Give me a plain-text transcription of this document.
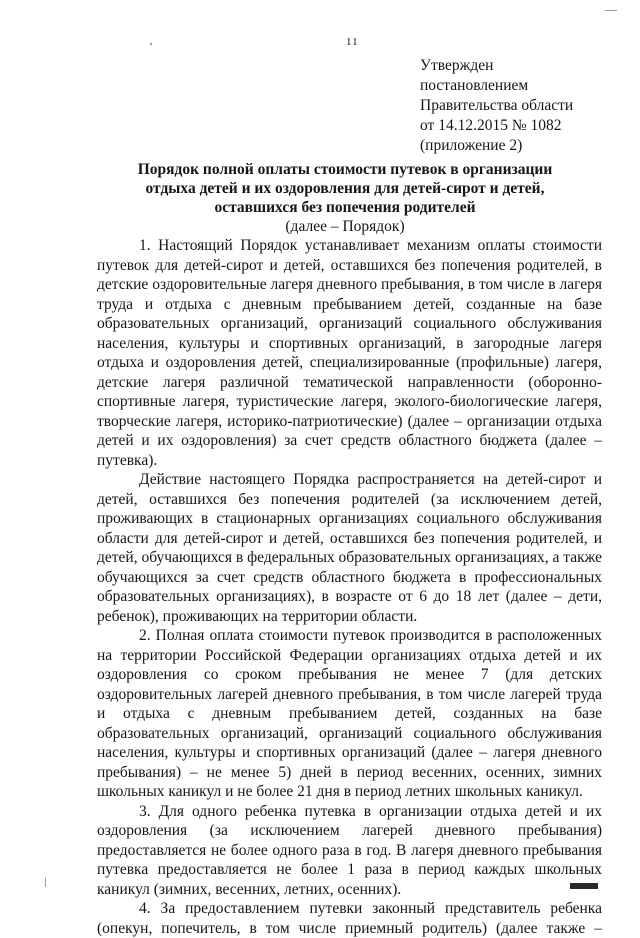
11
Утвержден
постановлением
Правительства области
от 14.12.2015 № 1082
(приложение 2)
Порядок полной оплаты стоимости путевок в организации
отдыха детей и их оздоровления для детей-сирот и детей,
оставшихся без попечения родителей
(далее – Порядок)

1. Настоящий Порядок устанавливает механизм оплаты стоимости путевок для детей-сирот и детей, оставшихся без попечения родителей, в детские оздоровительные лагеря дневного пребывания, в том числе в лагеря труда и отдыха с дневным пребыванием детей, созданные на базе образовательных организаций, организаций социального обслуживания населения, культуры и спортивных организаций, в загородные лагеря отдыха и оздоровления детей, специализированные (профильные) лагеря, детские лагеря различной тематической направленности (оборонно-спортивные лагеря, туристические лагеря, эколого-биологические лагеря, творческие лагеря, историко-патриотические) (далее – организации отдыха детей и их оздоровления) за счет средств областного бюджета (далее – путевка).

Действие настоящего Порядка распространяется на детей-сирот и детей, оставшихся без попечения родителей (за исключением детей, проживающих в стационарных организациях социального обслуживания области для детей-сирот и детей, оставшихся без попечения родителей, и детей, обучающихся в федеральных образовательных организациях, а также обучающихся за счет средств областного бюджета в профессиональных образовательных организациях), в возрасте от 6 до 18 лет (далее – дети, ребенок), проживающих на территории области.

2. Полная оплата стоимости путевок производится в расположенных на территории Российской Федерации организациях отдыха детей и их оздоровления со сроком пребывания не менее 7 (для детских оздоровительных лагерей дневного пребывания, в том числе лагерей труда и отдыха с дневным пребыванием детей, созданных на базе образовательных организаций, организаций социального обслуживания населения, культуры и спортивных организаций (далее – лагеря дневного пребывания) – не менее 5) дней в период весенних, осенних, зимних школьных каникул и не более 21 дня в период летних школьных каникул.

3. Для одного ребенка путевка в организации отдыха детей и их оздоровления (за исключением лагерей дневного пребывания) предоставляется не более одного раза в год. В лагеря дневного пребывания путевка предоставляется не более 1 раза в период каждых школьных каникул (зимних, весенних, летних, осенних).

4. За предоставлением путевки законный представитель ребенка (опекун, попечитель, в том числе приемный родитель) (далее также –
